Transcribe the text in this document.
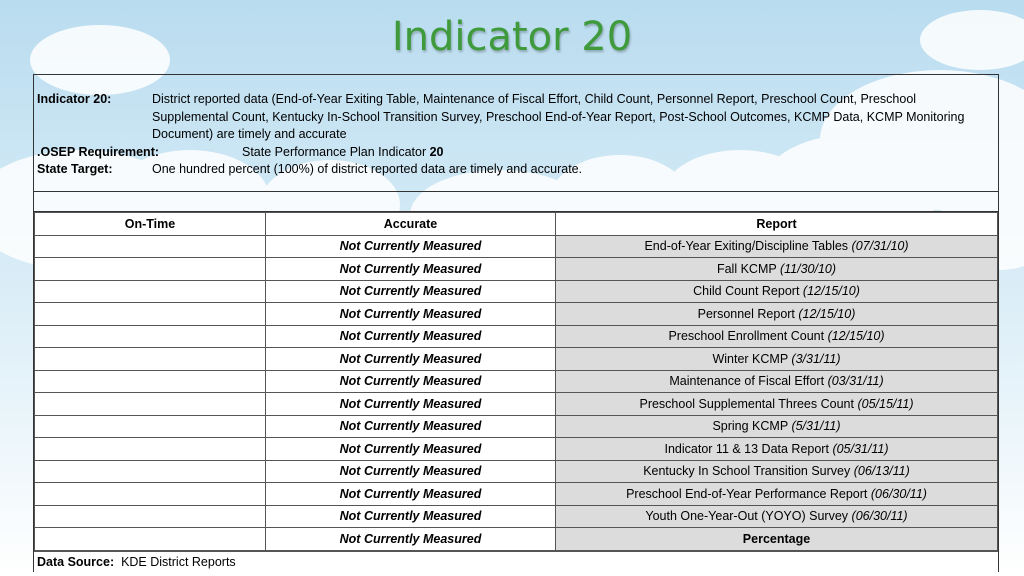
Indicator 20
Indicator 20:	District reported data (End-of-Year Exiting Table, Maintenance of Fiscal Effort, Child Count, Personnel Report, Preschool Count, Preschool Supplemental Count, Kentucky In-School Transition Survey, Preschool End-of-Year Report, Post-School Outcomes, KCMP Data, KCMP Monitoring Document) are timely and accurate
.OSEP Requirement:	State Performance Plan Indicator 20
State Target:	One hundred percent (100%) of district reported data are timely and accurate.
On-Time	Accurate	Report
	Not Currently Measured	End-of-Year Exiting/Discipline Tables (07/31/10)
	Not Currently Measured	Fall KCMP (11/30/10)
	Not Currently Measured	Child Count Report (12/15/10)
	Not Currently Measured	Personnel Report (12/15/10)
	Not Currently Measured	Preschool Enrollment Count (12/15/10)
	Not Currently Measured	Winter KCMP (3/31/11)
	Not Currently Measured	Maintenance of Fiscal Effort (03/31/11)
	Not Currently Measured	Preschool Supplemental Threes Count (05/15/11)
	Not Currently Measured	Spring KCMP (5/31/11)
	Not Currently Measured	Indicator 11 & 13 Data Report (05/31/11)
	Not Currently Measured	Kentucky In School Transition Survey (06/13/11)
	Not Currently Measured	Preschool End-of-Year Performance Report (06/30/11)
	Not Currently Measured	Youth One-Year-Out (YOYO) Survey (06/30/11)
	Not Currently Measured	Percentage
Data Source: KDE District Reports
